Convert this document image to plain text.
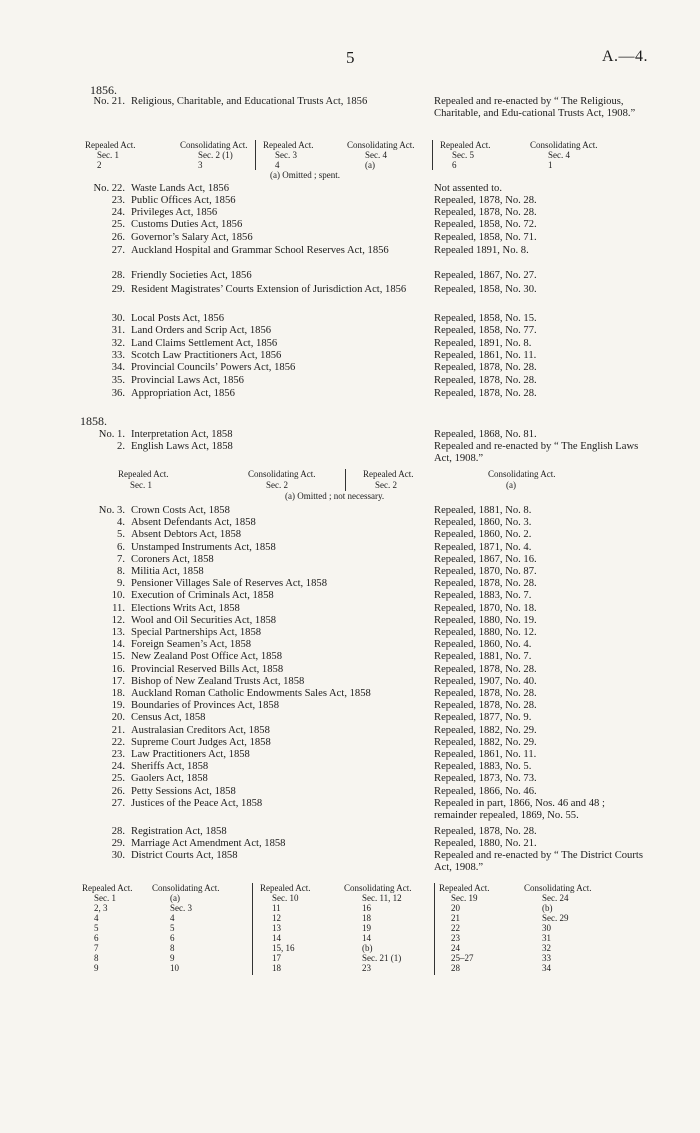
5	A.—4.
1856.
1858.
No. 21. Religious, Charitable, and Educational Trusts Act, 1856	Repealed and re-enacted by “ The Religious, Charitable, and Edu-cational Trusts Act, 1908.”
No. 22. Waste Lands Act, 1856	Not assented to.
23. Public Offices Act, 1856	Repealed, 1878, No. 28.
24. Privileges Act, 1856	Repealed, 1878, No. 28.
25. Customs Duties Act, 1856	Repealed, 1858, No. 72.
26. Governor’s Salary Act, 1856	Repealed, 1858, No. 71.
27. Auckland Hospital and Grammar School Reserves Act, 1856	Repealed 1891, No. 8.
28. Friendly Societies Act, 1856	Repealed, 1867, No. 27.
29. Resident Magistrates’ Courts Extension of Jurisdiction Act, 1856	Repealed, 1858, No. 30.
30. Local Posts Act, 1856	Repealed, 1858, No. 15.
31. Land Orders and Scrip Act, 1856	Repealed, 1858, No. 77.
32. Land Claims Settlement Act, 1856	Repealed, 1891, No. 8.
33. Scotch Law Practitioners Act, 1856	Repealed, 1861, No. 11.
34. Provincial Councils’ Powers Act, 1856	Repealed, 1878, No. 28.
35. Provincial Laws Act, 1856	Repealed, 1878, No. 28.
36. Appropriation Act, 1856	Repealed, 1878, No. 28.
No. 1. Interpretation Act, 1858	Repealed, 1868, No. 81.
2. English Laws Act, 1858	Repealed and re-enacted by “ The English Laws Act, 1908.”
No. 3. Crown Costs Act, 1858	Repealed, 1881, No. 8.
4. Absent Defendants Act, 1858	Repealed, 1860, No. 3.
5. Absent Debtors Act, 1858	Repealed, 1860, No. 2.
6. Unstamped Instruments Act, 1858	Repealed, 1871, No. 4.
7. Coroners Act, 1858	Repealed, 1867, No. 16.
8. Militia Act, 1858	Repealed, 1870, No. 87.
9. Pensioner Villages Sale of Reserves Act, 1858	Repealed, 1878, No. 28.
10. Execution of Criminals Act, 1858	Repealed, 1883, No. 7.
11. Elections Writs Act, 1858	Repealed, 1870, No. 18.
12. Wool and Oil Securities Act, 1858	Repealed, 1880, No. 19.
13. Special Partnerships Act, 1858	Repealed, 1880, No. 12.
14. Foreign Seamen’s Act, 1858	Repealed, 1860, No. 4.
15. New Zealand Post Office Act, 1858	Repealed, 1881, No. 7.
16. Provincial Reserved Bills Act, 1858	Repealed, 1878, No. 28.
17. Bishop of New Zealand Trusts Act, 1858	Repealed, 1907, No. 40.
18. Auckland Roman Catholic Endowments Sales Act, 1858	Repealed, 1878, No. 28.
19. Boundaries of Provinces Act, 1858	Repealed, 1878, No. 28.
20. Census Act, 1858	Repealed, 1877, No. 9.
21. Australasian Creditors Act, 1858	Repealed, 1882, No. 29.
22. Supreme Court Judges Act, 1858	Repealed, 1882, No. 29.
23. Law Practitioners Act, 1858	Repealed, 1861, No. 11.
24. Sheriffs Act, 1858	Repealed, 1883, No. 5.
25. Gaolers Act, 1858	Repealed, 1873, No. 73.
26. Petty Sessions Act, 1858	Repealed, 1866, No. 46.
27. Justices of the Peace Act, 1858	Repealed in part, 1866, Nos. 46 and 48 ; remainder repealed, 1869, No. 55.
28. Registration Act, 1858	Repealed, 1878, No. 28.
29. Marriage Act Amendment Act, 1858	Repealed, 1880, No. 21.
30. District Courts Act, 1858	Repealed and re-enacted by “ The District Courts Act, 1908.”
Repealed Act.	Consolidating Act. Repealed Act.	Consolidating Act.	Repealed Act.	Consolidating Act.
Sec. 1	Sec. 2 (1)	Sec. 3	Sec. 4	Sec. 5	Sec. 4
2	3	4	(a)	6	1
(a) Omitted ; spent.
Repealed Act.	Consolidating Act.	Repealed Act.	Consolidating Act.
Sec. 1	Sec. 2	Sec. 2	(a)
(a) Omitted ; not necessary.
Repealed Act. Consolidating Act.	Repealed Act.	Consolidating Act.	Repealed Act.	Consolidating Act.
Sec. 1	(a)	Sec. 10	Sec. 11, 12	Sec. 19	Sec. 24
2, 3	Sec. 3	11	16	20	(b)
4	4	12	18	21	Sec. 29
5	5	13	19	22	30
6	6	14	14	23	31
7	8	15, 16	(b)	24	32
8	9	17	Sec. 21 (1)	25–27	33
9	10	18	23	28	34
